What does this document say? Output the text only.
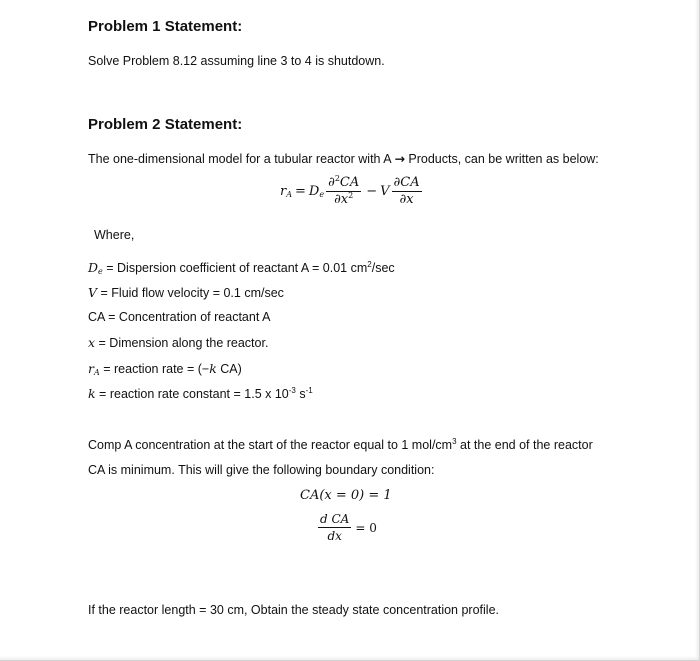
Problem 1 Statement:
Solve Problem 8.12 assuming line 3 to 4 is shutdown.
Problem 2 Statement:
The one-dimensional model for a tubular reactor with A → Products, can be written as below:
$r_A = D_e \frac{\partial^2CA}{\partial x^2} - V \frac{\partial CA}{\partial x}$
Where,
$D_e$ = Dispersion coefficient of reactant A = 0.01 $cm^2/\sec$
V = Fluid flow velocity = 0.1 cm/sec
CA = Concentration of reactant A
x = Dimension along the reactor.
$r_A$ = reaction rate = (−k CA)
k = reaction rate constant = 1.5 x $10^{-3}$ $s^{-1}$
Comp A concentration at the start of the reactor equal to 1 mol/$cm^3$ at the end of the reactor
CA is minimum. This will give the following boundary condition:
CA(x = 0) = 1
$\frac{\text{d CA}}{dx} = 0$
If the reactor length = 30 cm, Obtain the steady state concentration profile.
